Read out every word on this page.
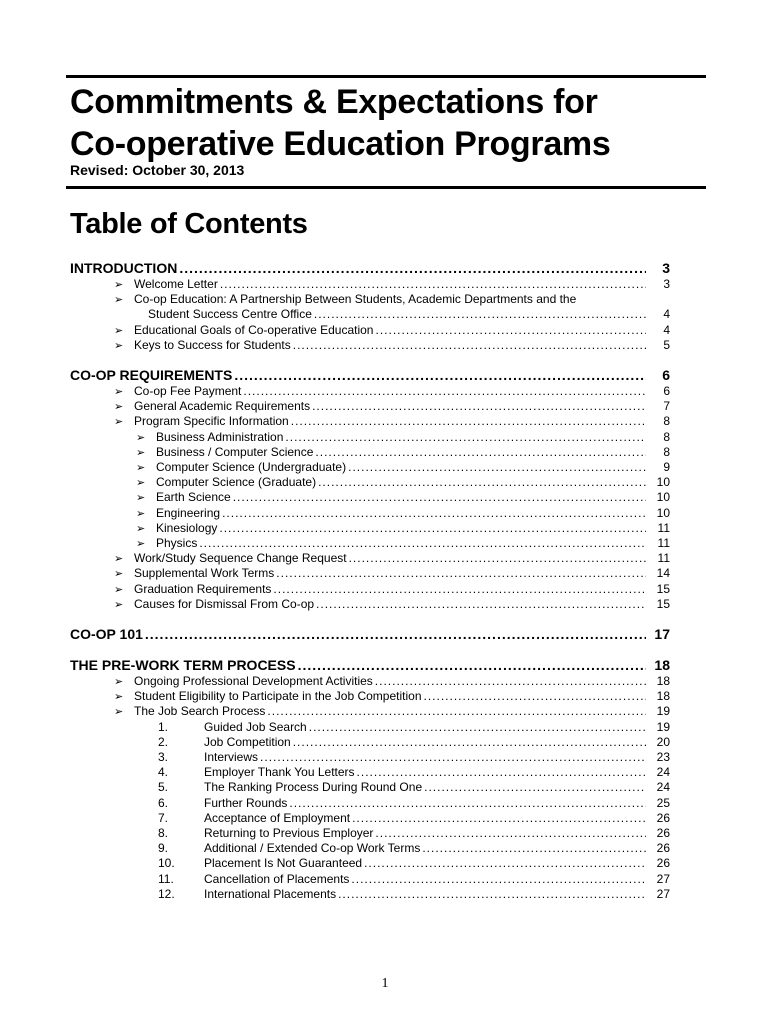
Commitments & Expectations for
Co-operative Education Programs
Revised: October 30, 2013
Table of Contents
INTRODUCTION .....	3
➢ Welcome Letter .....	3
➢ Co-op Education: A Partnership Between Students, Academic Departments and the
Student Success Centre Office .....	4
➢ Educational Goals of Co-operative Education .....	4
➢ Keys to Success for Students .....	5
CO-OP REQUIREMENTS .....	6
➢ Co-op Fee Payment .....	6
➢ General Academic Requirements .....	7
➢ Program Specific Information .....	8
➢ Business Administration .....	8
➢ Business / Computer Science .....	8
➢ Computer Science (Undergraduate) .....	9
➢ Computer Science (Graduate) .....	10
➢ Earth Science .....	10
➢ Engineering .....	10
➢ Kinesiology .....	11
➢ Physics .....	11
➢ Work/Study Sequence Change Request .....	11
➢ Supplemental Work Terms .....	14
➢ Graduation Requirements .....	15
➢ Causes for Dismissal From Co-op .....	15
CO-OP 101 .....	17
THE PRE-WORK TERM PROCESS .....	18
➢ Ongoing Professional Development Activities .....	18
➢ Student Eligibility to Participate in the Job Competition .....	18
➢ The Job Search Process .....	19
1.	Guided Job Search .....	19
2.	Job Competition .....	20
3.	Interviews .....	23
4.	Employer Thank You Letters .....	24
5.	The Ranking Process During Round One .....	24
6.	Further Rounds .....	25
7.	Acceptance of Employment .....	26
8.	Returning to Previous Employer .....	26
9.	Additional / Extended Co-op Work Terms .....	26
10. Placement Is Not Guaranteed .....	26
11.	Cancellation of Placements .....	27
12. International Placements .....	27
1
